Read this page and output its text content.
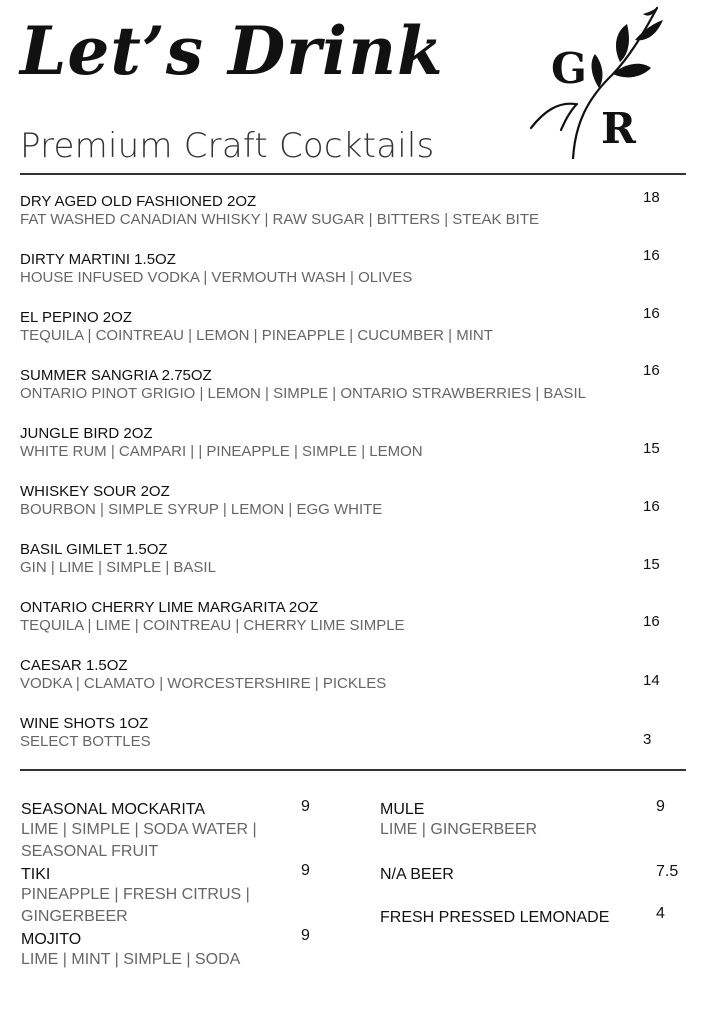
Let’s Drink
Premium Craft Cocktails
G
R
DRY AGED OLD FASHIONED 2OZ
FAT WASHED CANADIAN WHISKY | RAW SUGAR | BITTERS | STEAK BITE
18
DIRTY MARTINI 1.5OZ
HOUSE INFUSED VODKA | VERMOUTH WASH | OLIVES
16
EL PEPINO 2OZ
TEQUILA | COINTREAU | LEMON | PINEAPPLE | CUCUMBER | MINT
16
SUMMER SANGRIA 2.75OZ
ONTARIO PINOT GRIGIO | LEMON | SIMPLE | ONTARIO STRAWBERRIES | BASIL
16
JUNGLE BIRD 2OZ
WHITE RUM | CAMPARI | | PINEAPPLE | SIMPLE | LEMON	15
WHISKEY SOUR 2OZ
BOURBON | SIMPLE SYRUP | LEMON | EGG WHITE	16
BASIL GIMLET 1.5OZ
GIN | LIME | SIMPLE | BASIL	15
ONTARIO CHERRY LIME MARGARITA 2OZ
TEQUILA | LIME | COINTREAU | CHERRY LIME SIMPLE	16
CAESAR 1.5OZ
VODKA | CLAMATO | WORCESTERSHIRE | PICKLES	14
WINE SHOTS 1OZ
SELECT BOTTLES	3
SEASONAL MOCKARITA
LIME | SIMPLE | SODA WATER | SEASONAL FRUIT
9
TIKI
PINEAPPLE | FRESH CITRUS | GINGERBEER
9
MOJITO
LIME | MINT | SIMPLE | SODA
9
MULE
LIME | GINGERBEER
9
N/A BEER	7.5
FRESH PRESSED LEMONADE	4
